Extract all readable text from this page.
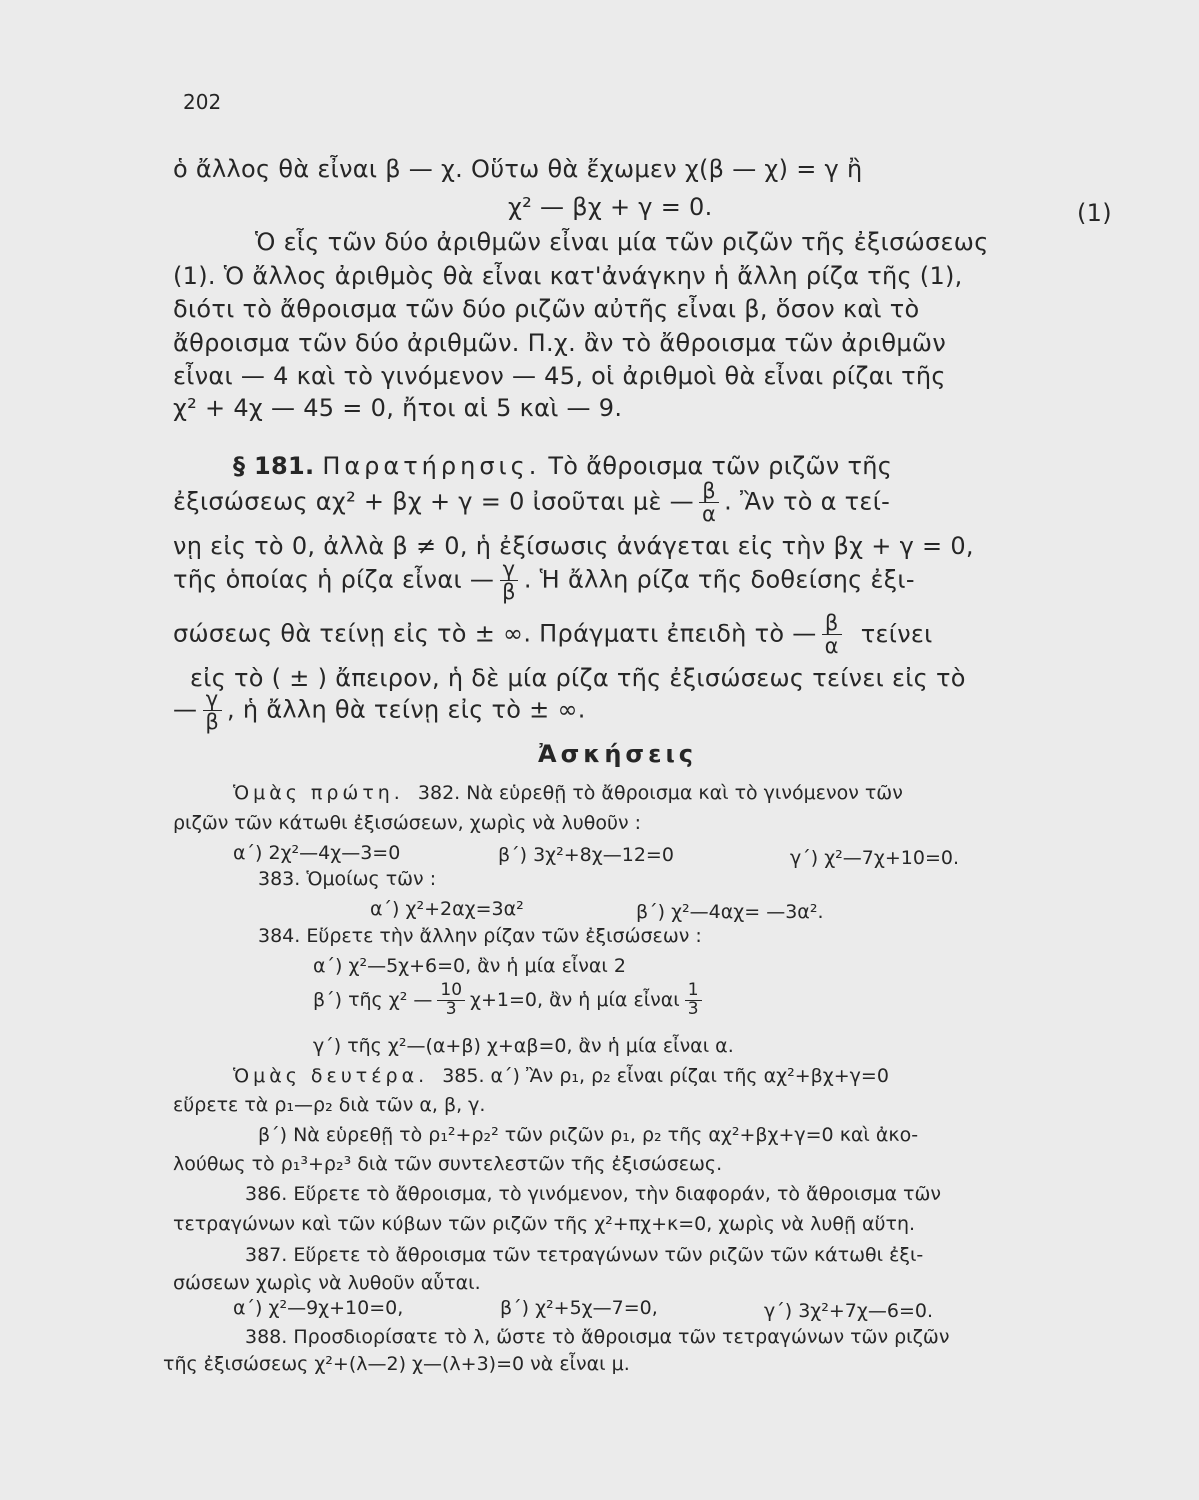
202
ὁ ἄλλος θὰ εἶναι β — χ. Οὕτω θὰ ἔχωμεν χ(β — χ) = γ ἢ
χ² — βχ + γ = 0.	(1)
Ὁ εἷς τῶν δύο ἀριθμῶν εἶναι μία τῶν ριζῶν τῆς ἐξισώσεως
(1). Ὁ ἄλλος ἀριθμὸς θὰ εἶναι κατ'ἀνάγκην ἡ ἄλλη ρίζα τῆς (1),
διότι τὸ ἄθροισμα τῶν δύο ριζῶν αὐτῆς εἶναι β, ὅσον καὶ τὸ
ἄθροισμα τῶν δύο ἀριθμῶν. Π.χ. ἂν τὸ ἄθροισμα τῶν ἀριθμῶν
εἶναι — 4 καὶ τὸ γινόμενον — 45, οἱ ἀριθμοὶ θὰ εἶναι ρίζαι τῆς
χ² + 4χ — 45 = 0, ἤτοι αἱ 5 καὶ — 9.
§ 181. Παρατήρησις. Τὸ ἄθροισμα τῶν ριζῶν τῆς
ἐξισώσεως αχ² + βχ + γ = 0 ἰσοῦται μὲ — $\frac{\beta}{\alpha}$ . Ἂν τὸ α τεί-
νῃ εἰς τὸ 0, ἀλλὰ β ≠ 0, ἡ ἐξίσωσις ἀνάγεται εἰς τὴν βχ + γ = 0,
τῆς ὁποίας ἡ ρίζα εἶναι — $\frac{\gamma}{\beta}$ . Ἡ ἄλλη ρίζα τῆς δοθείσης ἐξι-
σώσεως θὰ τείνῃ εἰς τὸ ± ∞. Πράγματι ἐπειδὴ τὸ — $\frac{\beta}{\alpha}$ τείνει
εἰς τὸ ( ± ) ἄπειρον, ἡ δὲ μία ρίζα τῆς ἐξισώσεως τείνει εἰς τὸ
— $\frac{\gamma}{\beta}$ , ἡ ἄλλη θὰ τείνῃ εἰς τὸ ± ∞.
Ἀσκήσεις
Ὁμὰς πρώτη. 382. Νὰ εὑρεθῇ τὸ ἄθροισμα καὶ τὸ γινόμενον τῶν
ριζῶν τῶν κάτωθι ἐξισώσεων, χωρὶς νὰ λυθοῦν :
α΄) 2χ²—4χ—3=0	β΄) 3χ²+8χ—12=0	γ΄) χ²—7χ+10=0.
383. Ὁμοίως τῶν :
α΄) χ²+2αχ=3α²	β΄) χ²—4αχ= —3α².
384. Εὕρετε τὴν ἄλλην ρίζαν τῶν ἐξισώσεων :
α΄) χ²—5χ+6=0, ἂν ἡ μία εἶναι 2
β΄) τῆς χ² — $\frac{10}{3} \chi+1=0$, ἂν ἡ μία εἶναι $\frac{1}{3}$
γ΄) τῆς χ²—(α+β) χ+αβ=0, ἂν ἡ μία εἶναι α.
Ὁμὰς δευτέρα. 385. α΄) Ἂν ρ₁, ρ₂ εἶναι ρίζαι τῆς αχ²+βχ+γ=0
εὕρετε τὰ ρ₁—ρ₂ διὰ τῶν α, β, γ.
β΄) Νὰ εὑρεθῇ τὸ ρ₁²+ρ₂² τῶν ριζῶν ρ₁, ρ₂ τῆς αχ²+βχ+γ=0 καὶ ἀκο-
λούθως τὸ ρ₁³+ρ₂³ διὰ τῶν συντελεστῶν τῆς ἐξισώσεως.
386. Εὕρετε τὸ ἄθροισμα, τὸ γινόμενον, τὴν διαφοράν, τὸ ἄθροισμα τῶν
τετραγώνων καὶ τῶν κύβων τῶν ριζῶν τῆς χ²+πχ+κ=0, χωρὶς νὰ λυθῇ αὕτη.
387. Εὕρετε τὸ ἄθροισμα τῶν τετραγώνων τῶν ριζῶν τῶν κάτωθι ἐξι-
σώσεων χωρὶς νὰ λυθοῦν αὗται.
α΄) χ²—9χ+10=0,	β΄) χ²+5χ—7=0,	γ΄) 3χ²+7χ—6=0.
388. Προσδιορίσατε τὸ λ, ὥστε τὸ ἄθροισμα τῶν τετραγώνων τῶν ριζῶν
τῆς ἐξισώσεως χ²+(λ—2) χ—(λ+3)=0 νὰ εἶναι μ.
